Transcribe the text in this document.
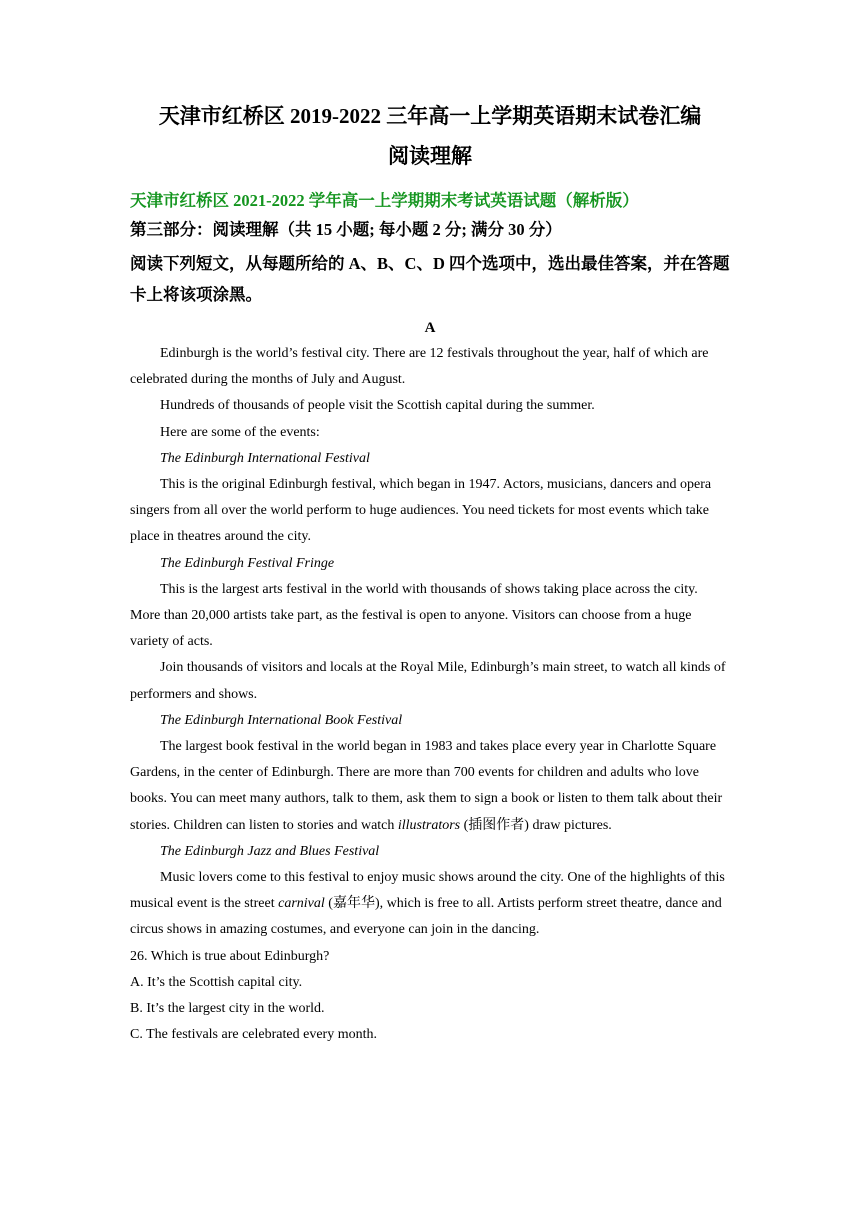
天津市红桥区 2019-2022 三年高一上学期英语期末试卷汇编

阅读理解

天津市红桥区 2021-2022 学年高一上学期期末考试英语试题（解析版）

第三部分：阅读理解（共 15 小题; 每小题 2 分; 满分 30 分）

阅读下列短文，从每题所给的 A、B、C、D 四个选项中，选出最佳答案，并在答题卡上将该项涂黑。

A

Edinburgh is the world’s festival city. There are 12 festivals throughout the year, half of which are celebrated during the months of July and August.

Hundreds of thousands of people visit the Scottish capital during the summer.

Here are some of the events:

The Edinburgh International Festival

This is the original Edinburgh festival, which began in 1947. Actors, musicians, dancers and opera singers from all over the world perform to huge audiences. You need tickets for most events which take place in theatres around the city.

The Edinburgh Festival Fringe

This is the largest arts festival in the world with thousands of shows taking place across the city. More than 20,000 artists take part, as the festival is open to anyone. Visitors can choose from a huge variety of acts.

Join thousands of visitors and locals at the Royal Mile, Edinburgh’s main street, to watch all kinds of performers and shows.

The Edinburgh International Book Festival

The largest book festival in the world began in 1983 and takes place every year in Charlotte Square Gardens, in the center of Edinburgh. There are more than 700 events for children and adults who love books. You can meet many authors, talk to them, ask them to sign a book or listen to them talk about their stories. Children can listen to stories and watch illustrators (插图作者) draw pictures.

The Edinburgh Jazz and Blues Festival

Music lovers come to this festival to enjoy music shows around the city. One of the highlights of this musical event is the street carnival (嘉年华), which is free to all. Artists perform street theatre, dance and circus shows in amazing costumes, and everyone can join in the dancing.

26. Which is true about Edinburgh?

A. It’s the Scottish capital city.

B. It’s the largest city in the world.

C. The festivals are celebrated every month.
